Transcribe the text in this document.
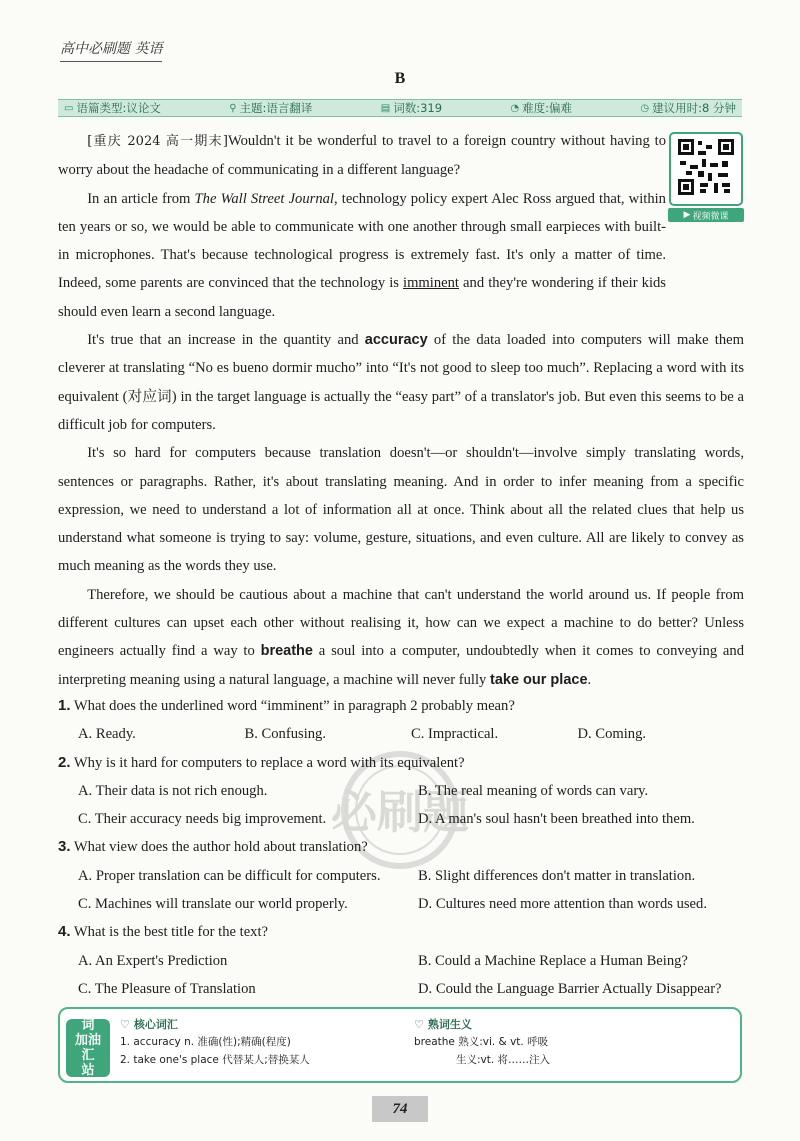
高中必刷题 英语
B
▭ 语篇类型:议论文	⚲ 主题:语言翻译	▤ 词数:319	◔ 难度:偏难	◷ 建议用时:8 分钟
▶ 视频微课

[重庆 2024 高一期末]Wouldn't it be wonderful to travel to a foreign country without having to worry about the headache of communicating in a different language?

In an article from The Wall Street Journal, technology policy expert Alec Ross argued that, within ten years or so, we would be able to communicate with one another through small earpieces with built-in microphones. That's because technological progress is extremely fast. It's only a matter of time. Indeed, some parents are convinced that the technology is imminent and they're wondering if their kids should even learn a second language.

It's true that an increase in the quantity and accuracy of the data loaded into computers will make them cleverer at translating “No es bueno dormir mucho” into “It's not good to sleep too much”. Replacing a word with its equivalent (对应词) in the target language is actually the “easy part” of a translator's job. But even this seems to be a difficult job for computers.

It's so hard for computers because translation doesn't—or shouldn't—involve simply translating words, sentences or paragraphs. Rather, it's about translating meaning. And in order to infer meaning from a specific expression, we need to understand a lot of information all at once. Think about all the related clues that help us understand what someone is trying to say: volume, gesture, situations, and even culture. All are likely to convey as much meaning as the words they use.

Therefore, we should be cautious about a machine that can't understand the world around us. If people from different cultures can upset each other without realising it, how can we expect a machine to do better? Unless engineers actually find a way to breathe a soul into a computer, undoubtedly when it comes to conveying and interpreting meaning using a natural language, a machine will never fully take our place.

必刷题
1. What does the underlined word “imminent” in paragraph 2 probably mean?
A. Ready.	B. Confusing.	C. Impractical.	D. Coming.
2. Why is it hard for computers to replace a word with its equivalent?
A. Their data is not rich enough.	B. The real meaning of words can vary.
C. Their accuracy needs big improvement.	D. A man's soul hasn't been breathed into them.
3. What view does the author hold about translation?
A. Proper translation can be difficult for computers.	B. Slight differences don't matter in translation.
C. Machines will translate our world properly.	D. Cultures need more attention than words used.
4. What is the best title for the text?
A. An Expert's Prediction	B. Could a Machine Replace a Human Being?
C. The Pleasure of Translation	D. Could the Language Barrier Actually Disappear?
词
加油
汇
站
♡ 核心词汇
1. accuracy n. 准确(性);精确(程度)
2. take one's place 代替某人;替换某人
♡ 熟词生义
breathe 熟义:vi. & vt. 呼吸
生义:vt. 将……注入
74
